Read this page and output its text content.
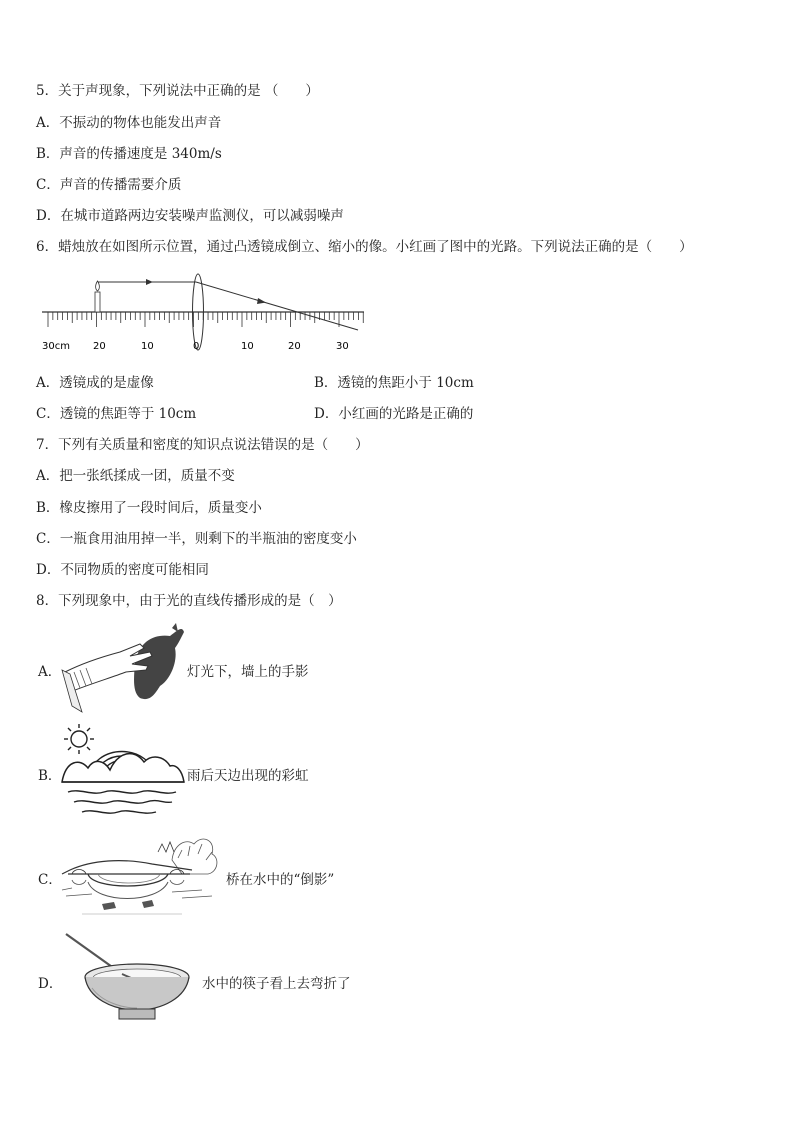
5．关于声现象，下列说法中正确的是 （　　）
A．不振动的物体也能发出声音
B．声音的传播速度是 340m/s
C．声音的传播需要介质
D．在城市道路两边安装噪声监测仪，可以减弱噪声
6．蜡烛放在如图所示位置，通过凸透镜成倒立、缩小的像。小红画了图中的光路。下列说法正确的是（　　）
30cm 20	10	0	10	20	30
A．透镜成的是虚像	B．透镜的焦距小于 10cm
C．透镜的焦距等于 10cm	D．小红画的光路是正确的
7．下列有关质量和密度的知识点说法错误的是（　　）
A．把一张纸揉成一团，质量不变
B．橡皮擦用了一段时间后，质量变小
C．一瓶食用油用掉一半，则剩下的半瓶油的密度变小
D．不同物质的密度可能相同
8．下列现象中，由于光的直线传播形成的是（　）
A．	灯光下，墙上的手影
B．	雨后天边出现的彩虹
C．	桥在水中的“倒影”
D．	水中的筷子看上去弯折了
